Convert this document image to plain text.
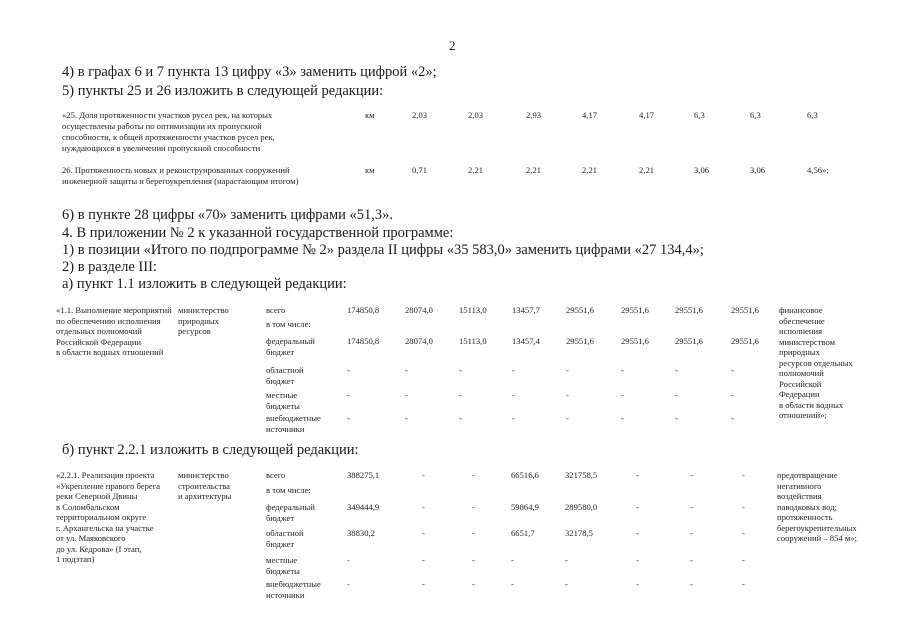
2
4) в графах 6 и 7 пункта 13 цифру «3» заменить цифрой «2»;
5) пункты 25 и 26 изложить в следующей редакции:
«25. Доля протяженности участков русел рек, на которых
осуществлены работы по оптимизации их пропускной
способности, к общей протяженности участков русел рек,
нуждающихся в увеличении пропускной способности
км	2,03	2,03	2,93	4,17	4,17	6,3	6,3	6,3
26. Протяженность новых и реконструированных сооружений
инженерной защиты и берегоукрепления (нарастающим итогом)
км	0,71	2,21	2,21	2,21	2,21	3,06	3,06	4,56»;
6) в пункте 28 цифры «70» заменить цифрами «51,3».
4. В приложении № 2 к указанной государственной программе:
1) в позиции «Итого по подпрограмме № 2» раздела II цифры «35 583,0» заменить цифрами «27 134,4»;
2) в разделе III:
а) пункт 1.1 изложить в следующей редакции:
«1.1. Выполнение мероприятий
по обеспечению исполнения
отдельных полномочий
Российской Федерации
в области водных отношений
министерство
природных
ресурсов
всего	174850,8	28074,0	15113,0	13457,7	29551,6	29551,6	29551,6	29551,6
в том числе:
федеральный
бюджет
174850,8	28074,0	15113,0	13457,4	29551,6	29551,6	29551,6	29551,6
областной
бюджет
-	-	-	-	-	-	-	-
местные
бюджеты
-	-	-	-	-	-	-	-
внебюджетные
источники
-	-	-	-	-	-	-	-
финансовое
обеспечение
исполнения
министерством
природных
ресурсов отдельных
полномочий
Российской
Федерации
в области водных
отношений»;
б) пункт 2.2.1 изложить в следующей редакции:
«2.2.1. Реализация проекта
«Укрепление правого берега
реки Северной Двины
в Соломбальском
территориальном округе
г. Архангельска на участке
от ул. Маяковского
до ул. Кедрова» (I этап,
1 подэтап)
министерство
строительства
и архитектуры
всего	388275,1	-	-	66516,6	321758,5	-	-	-
в том числе:
федеральный
бюджет
349444,9	-	-	59864,9	289580,0	-	-	-
областной
бюджет
38830,2	-	-	6651,7	32178,5	-	-	-
местные
бюджеты
-	-	-	-	-	-	-	-
внебюджетные
источники
-	-	-	-	-	-	-	-
предотвращение
негативного
воздействия
паводковых вод;
протяженность
берегоукрепительных
сооружений – 854 м»;
